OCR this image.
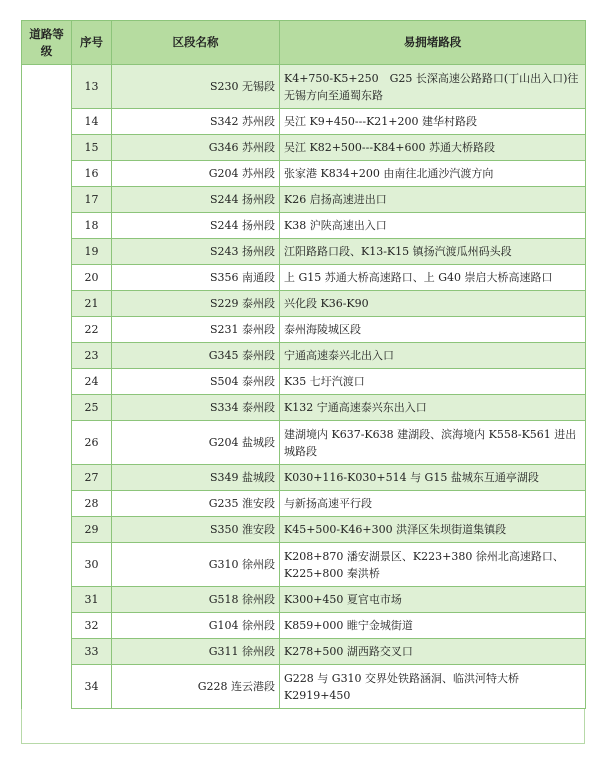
道路等级	序号	区段名称	易拥堵路段
	13	S230 无锡段	K4+750-K5+250　G25 长深高速公路路口(丁山出入口)往无锡方向至通蜀东路
	14	S342 苏州段	吴江 K9+450---K21+200 建华村路段
	15	G346 苏州段	吴江 K82+500---K84+600 苏通大桥路段
	16	G204 苏州段	张家港 K834+200 由南往北通沙汽渡方向
	17	S244 扬州段	K26 启扬高速进出口
	18	S244 扬州段	K38 沪陕高速出入口
	19	S243 扬州段	江阳路路口段、K13-K15 镇扬汽渡瓜州码头段
	20	S356 南通段	上 G15 苏通大桥高速路口、上 G40 崇启大桥高速路口
	21	S229 泰州段	兴化段 K36-K90
	22	S231 泰州段	泰州海陵城区段
	23	G345 泰州段	宁通高速泰兴北出入口
	24	S504 泰州段	K35 七圩汽渡口
	25	S334 泰州段	K132 宁通高速泰兴东出入口
	26	G204 盐城段	建湖境内 K637-K638 建湖段、滨海境内 K558-K561 进出城路段
	27	S349 盐城段	K030+116-K030+514 与 G15 盐城东互通亭湖段
	28	G235 淮安段	与新扬高速平行段
	29	S350 淮安段	K45+500-K46+300 洪泽区朱坝街道集镇段
	30	G310 徐州段	K208+870 潘安湖景区、K223+380 徐州北高速路口、K225+800 秦洪桥
	31	G518 徐州段	K300+450 夏官屯市场
	32	G104 徐州段	K859+000 睢宁金城街道
	33	G311 徐州段	K278+500 湖西路交叉口
	34	G228 连云港段	G228 与 G310 交界处铁路涵洞、临洪河特大桥 K2919+450
